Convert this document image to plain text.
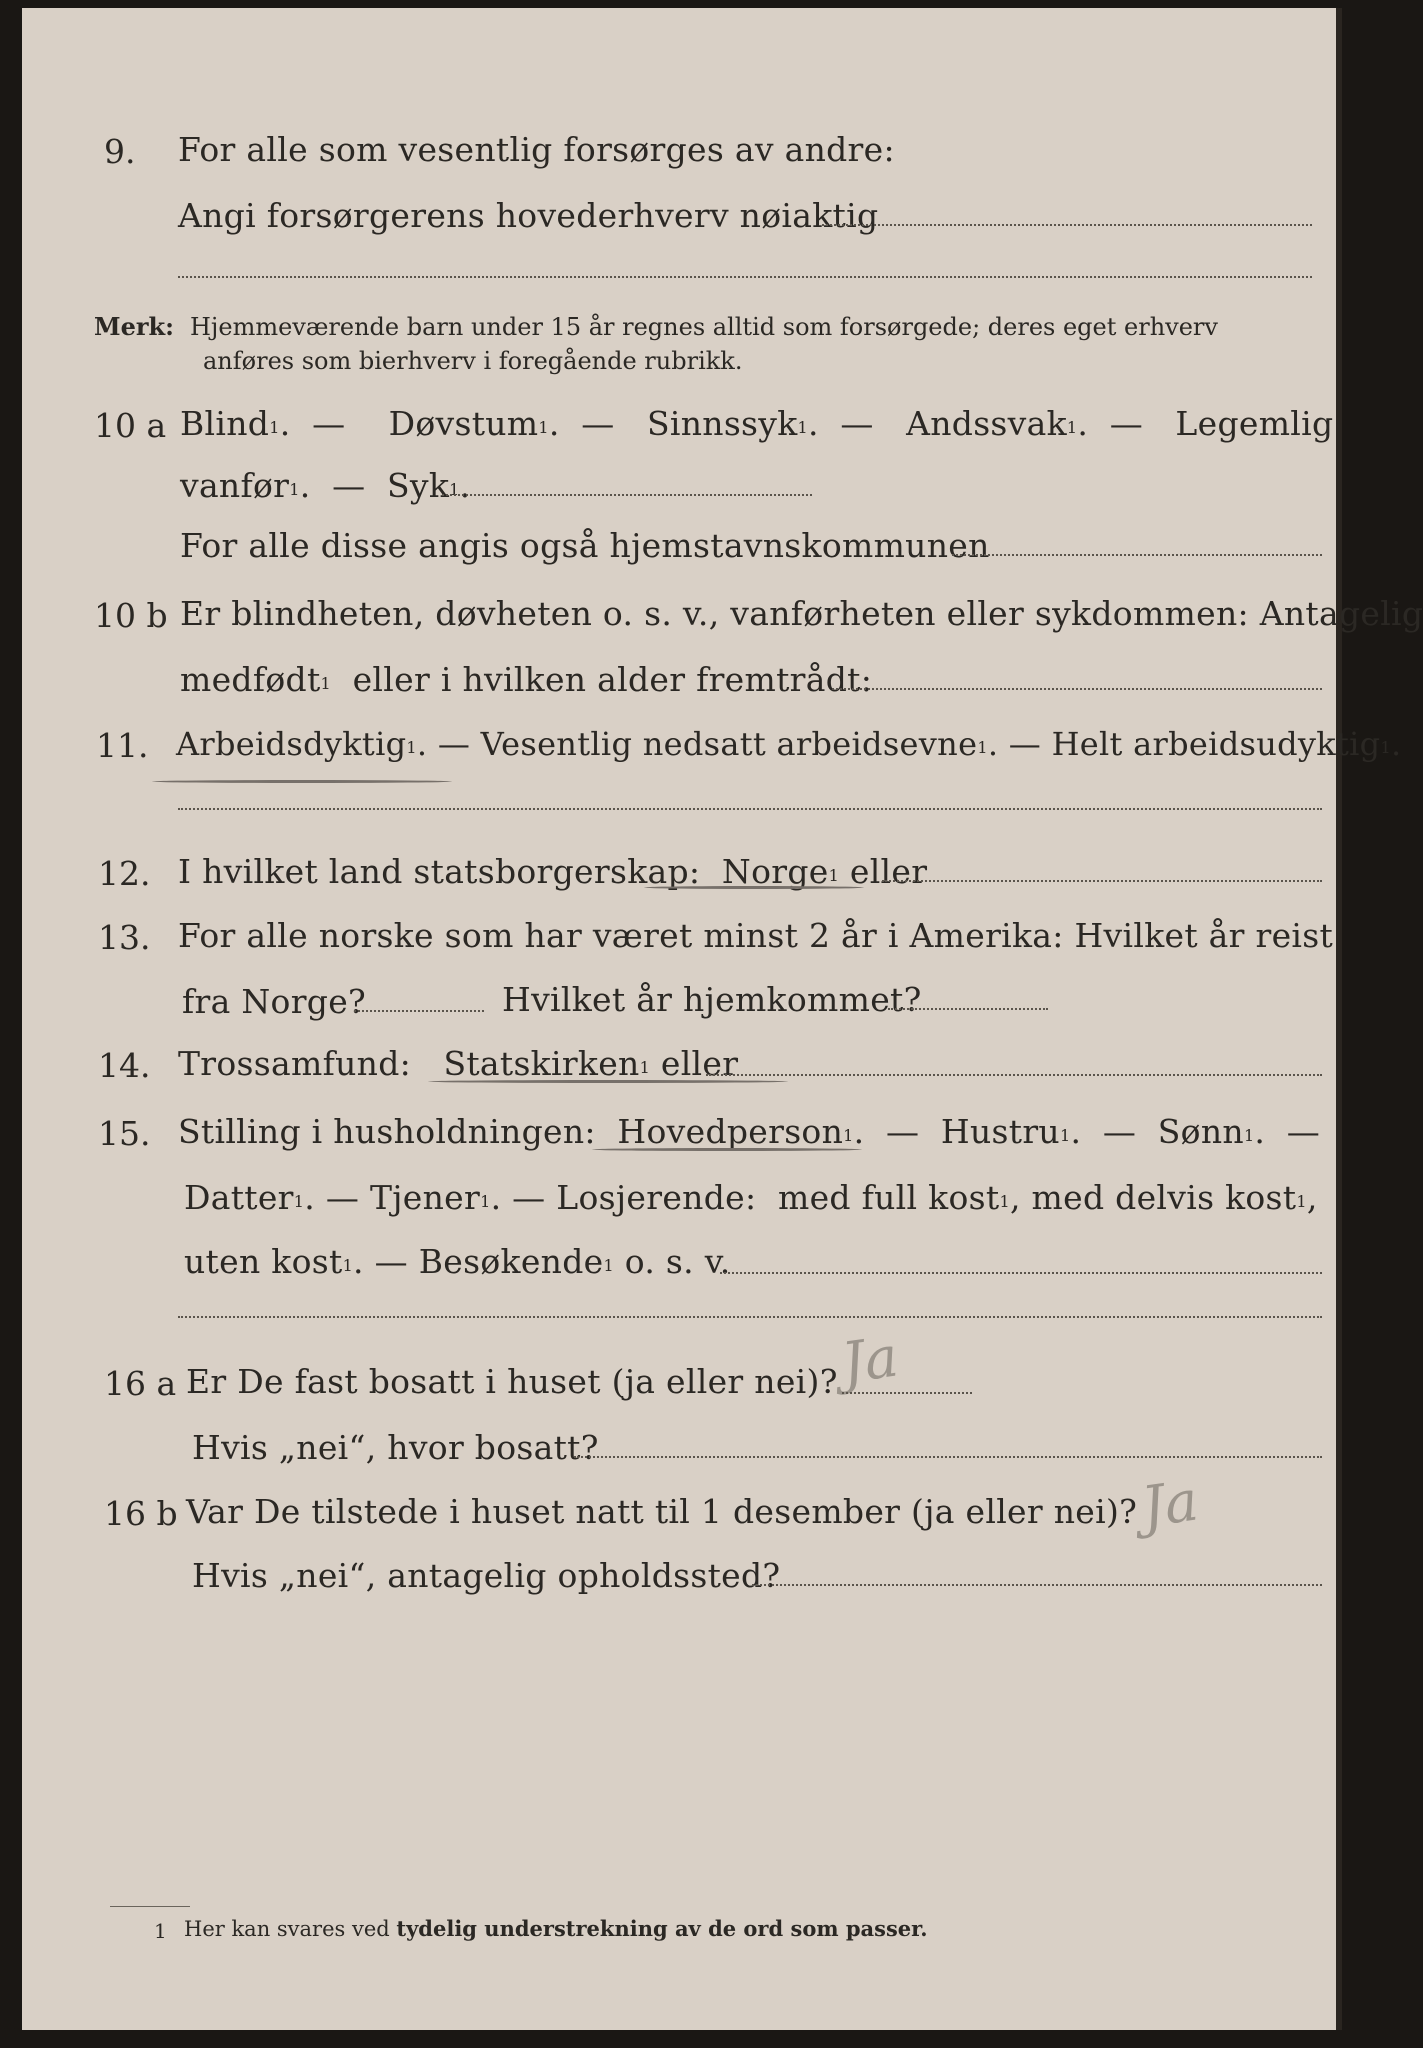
9. For alle som vesentlig forsørges av andre:
Angi forsørgerens hovederhverv nøiaktig
Merk: Hjemmeværende barn under 15 år regnes alltid som forsørgede; deres eget erhverv
anføres som bierhverv i foregående rubrikk.
10 a Blind$^1$.  — Døvstum$^1$.  — Sinnssyk$^1$.  — Andssvak$^1$.  — Legemlig
vanfør$^1$.  — Syk$^1$.
For alle disse angis også hjemstavnskommunen
10 b Er blindheten, døvheten o. s. v., vanførheten eller sykdommen: Antagelig
medfødt$^1$ eller i hvilken alder fremtrådt:
11. Arbeidsdyktig$^1$. — Vesentlig nedsatt arbeidsevne$^1$. — Helt arbeidsudyktig$^1$.
12. I hvilket land statsborgerskap: Norge$^1$ eller
13. For alle norske som har været minst 2 år i Amerika: Hvilket år reist
fra Norge?	Hvilket år hjemkommet?
14. Trossamfund: Statskirken$^1$ eller
15. Stilling i husholdningen: Hovedperson$^1$.  — Hustru$^1$.  — Sønn$^1$.  —
Datter$^1$. — Tjener$^1$. — Losjerende: med full kost$^1$, med delvis kost$^1$,
uten kost$^1$. — Besøkende$^1$ o. s. v.
16 a Er De fast bosatt i huset (ja eller nei)? Ja
Hvis „nei“, hvor bosatt?
16 b Var De tilstede i huset natt til 1 desember (ja eller nei)? Ja
Hvis „nei“, antagelig opholdssted?
1 Her kan svares ved tydelig understrekning av de ord som passer.
